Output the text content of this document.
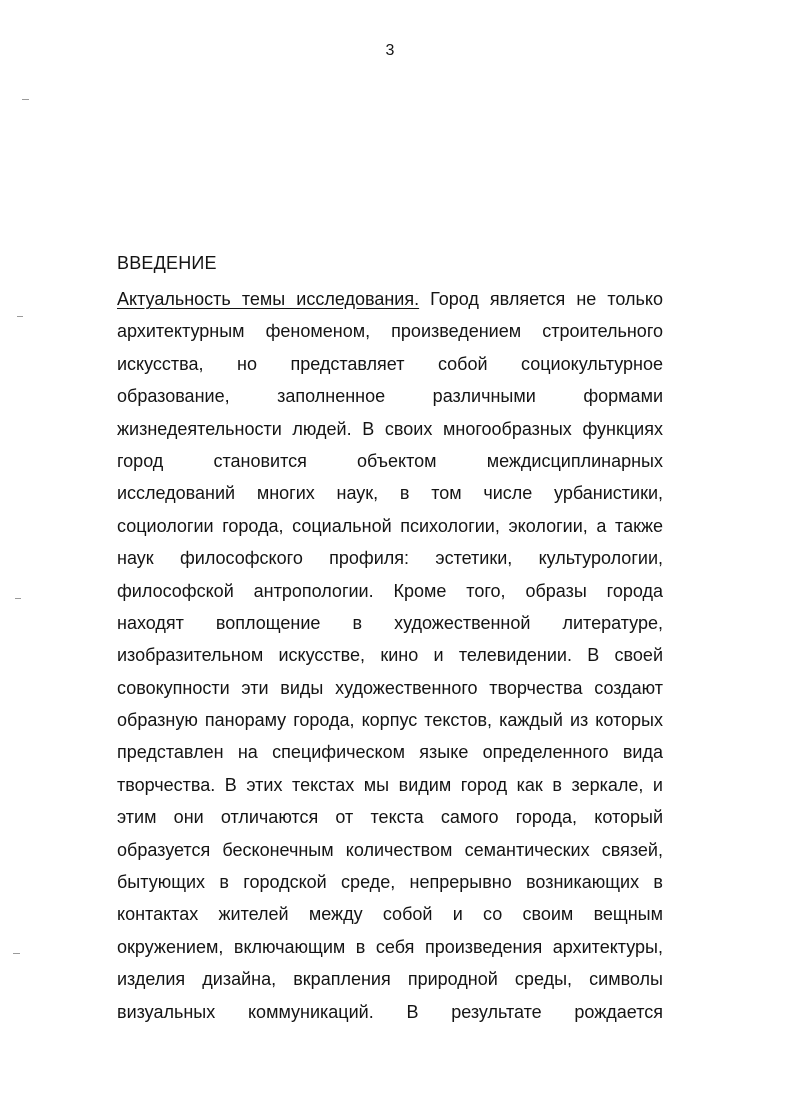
3
ВВЕДЕНИЕ
Актуальность темы исследования. Город является не только
архитектурным феноменом, произведением строительного
искусства, но представляет собой социокультурное
образование, заполненное различными формами
жизнедеятельности людей. В своих многообразных функциях
город становится объектом междисциплинарных
исследований многих наук, в том числе урбанистики,
социологии города, социальной психологии, экологии, а также
наук философского профиля: эстетики, культурологии,
философской антропологии. Кроме того, образы города
находят воплощение в художественной литературе,
изобразительном искусстве, кино и телевидении. В своей
совокупности эти виды художественного творчества создают
образную панораму города, корпус текстов, каждый из которых
представлен на специфическом языке определенного вида
творчества. В этих текстах мы видим город как в зеркале, и
этим они отличаются от текста самого города, который
образуется бесконечным количеством семантических связей,
бытующих в городской среде, непрерывно возникающих в
контактах жителей между собой и со своим вещным
окружением, включающим в себя произведения архитектуры,
изделия дизайна, вкрапления природной среды, символы
визуальных коммуникаций. В результате рождается
